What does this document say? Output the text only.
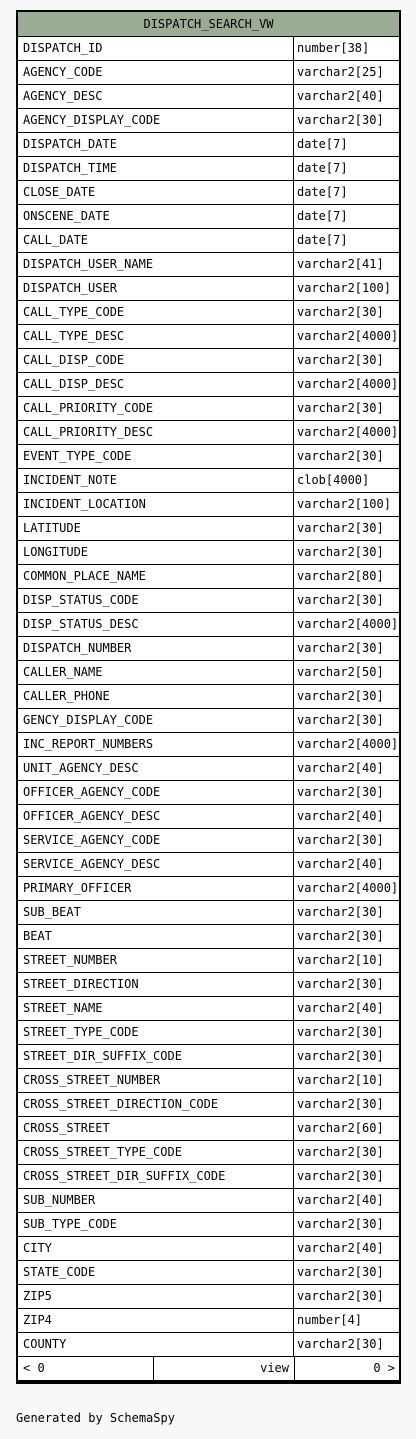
DISPATCH_SEARCH_VW
DISPATCH_ID	number[38]
AGENCY_CODE	varchar2[25]
AGENCY_DESC	varchar2[40]
AGENCY_DISPLAY_CODE	varchar2[30]
DISPATCH_DATE	date[7]
DISPATCH_TIME	date[7]
CLOSE_DATE	date[7]
ONSCENE_DATE	date[7]
CALL_DATE	date[7]
DISPATCH_USER_NAME	varchar2[41]
DISPATCH_USER	varchar2[100]
CALL_TYPE_CODE	varchar2[30]
CALL_TYPE_DESC	varchar2[4000]
CALL_DISP_CODE	varchar2[30]
CALL_DISP_DESC	varchar2[4000]
CALL_PRIORITY_CODE	varchar2[30]
CALL_PRIORITY_DESC	varchar2[4000]
EVENT_TYPE_CODE	varchar2[30]
INCIDENT_NOTE	clob[4000]
INCIDENT_LOCATION	varchar2[100]
LATITUDE	varchar2[30]
LONGITUDE	varchar2[30]
COMMON_PLACE_NAME	varchar2[80]
DISP_STATUS_CODE	varchar2[30]
DISP_STATUS_DESC	varchar2[4000]
DISPATCH_NUMBER	varchar2[30]
CALLER_NAME	varchar2[50]
CALLER_PHONE	varchar2[30]
GENCY_DISPLAY_CODE	varchar2[30]
INC_REPORT_NUMBERS	varchar2[4000]
UNIT_AGENCY_DESC	varchar2[40]
OFFICER_AGENCY_CODE	varchar2[30]
OFFICER_AGENCY_DESC	varchar2[40]
SERVICE_AGENCY_CODE	varchar2[30]
SERVICE_AGENCY_DESC	varchar2[40]
PRIMARY_OFFICER	varchar2[4000]
SUB_BEAT	varchar2[30]
BEAT	varchar2[30]
STREET_NUMBER	varchar2[10]
STREET_DIRECTION	varchar2[30]
STREET_NAME	varchar2[40]
STREET_TYPE_CODE	varchar2[30]
STREET_DIR_SUFFIX_CODE	varchar2[30]
CROSS_STREET_NUMBER	varchar2[10]
CROSS_STREET_DIRECTION_CODE	varchar2[30]
CROSS_STREET	varchar2[60]
CROSS_STREET_TYPE_CODE	varchar2[30]
CROSS_STREET_DIR_SUFFIX_CODE	varchar2[30]
SUB_NUMBER	varchar2[40]
SUB_TYPE_CODE	varchar2[30]
CITY	varchar2[40]
STATE_CODE	varchar2[30]
ZIP5	varchar2[30]
ZIP4	number[4]
COUNTY	varchar2[30]
< 0	view	0 >
Generated by SchemaSpy
